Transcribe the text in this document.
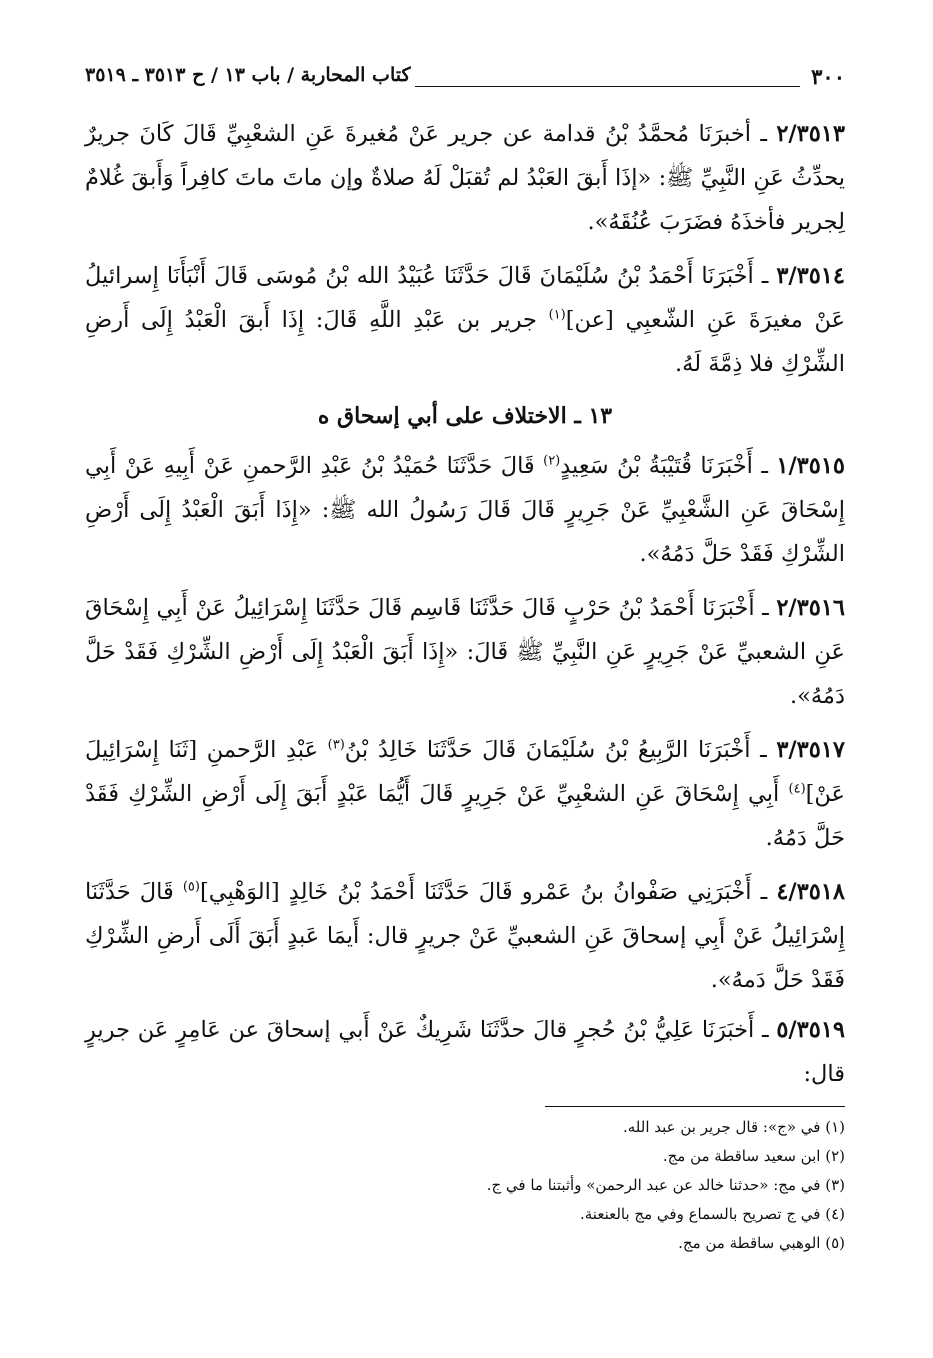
٣٠٠
كتاب المحاربة / باب ١٣ / ح ٣٥١٣ ـ ٣٥١٩

٢/٣٥١٣ ـ أخبرَنَا مُحمَّدُ بْنُ قدامة عن جرير عَنْ مُغيرةَ عَنِ الشعْبِيِّ قَالَ كَانَ جريرٌ يحدِّثُ عَنِ النَّبِيِّ ﷺ: «إذَا أَبقَ العَبْدُ لم تُقبَلْ لَهُ صلاةٌ وإن ماتَ ماتَ كافِراً وَأَبقَ غُلامٌ لِجرير فأخذَهُ فضَرَبَ عُنُقَهُ».

٣/٣٥١٤ ـ أَخْبَرَنَا أَحْمَدُ بْنُ سُلَيْمَانَ قَالَ حَدَّثَنَا عُبَيْدُ الله بْنُ مُوسَى قَالَ أَنْبَأَنَا إِسرائيلُ عَنْ مغيرَةَ عَنِ الشّعبِي [عن]$^{(١)}$ جرير بن عَبْدِ اللَّهِ قَالَ: إِذَا أَبقَ الْعَبْدُ إِلَى أَرضِ الشِّرْكِ فلا ذِمَّةَ لَهُ.

١٣ ـ الاختلاف على أبي إسحاق ه

١/٣٥١٥ ـ أَخْبَرَنَا قُتَيْبَةُ بْنُ سَعِيدٍ$^{(٢)}$ قَالَ حَدَّثَنَا حُمَيْدُ بْنُ عَبْدِ الرَّحمنِ عَنْ أَبِيهِ عَنْ أَبِي إِسْحَاقَ عَنِ الشَّعْبِيِّ عَنْ جَرِيرٍ قَالَ قَالَ رَسُولُ الله ﷺ: «إِذَا أَبَقَ الْعَبْدُ إِلَى أَرْضِ الشِّرْكِ فَقَدْ حَلَّ دَمُهُ».

٢/٣٥١٦ ـ أَخْبَرَنَا أَحْمَدُ بْنُ حَرْبٍ قَالَ حَدَّثَنَا قَاسِم قَالَ حَدَّثَنَا إِسْرَائِيلُ عَنْ أَبِي إِسْحَاقَ عَنِ الشعبيِّ عَنْ جَرِيرٍ عَنِ النَّبِيِّ ﷺ قَالَ: «إِذَا أَبَقَ الْعَبْدُ إِلَى أَرْضِ الشِّرْكِ فَقَدْ حَلَّ دَمُهُ».

٣/٣٥١٧ ـ أَخْبَرَنَا الرَّبِيعُ بْنُ سُلَيْمَانَ قَالَ حَدَّثَنَا خَالِدُ بْنُ$^{(٣)}$ عَبْدِ الرَّحمنِ [ثَنَا إِسْرَائِيلَ عَنْ]$^{(٤)}$ أَبِي إِسْحَاقَ عَنِ الشعْبِيِّ عَنْ جَرِيرٍ قَالَ أَيُّمَا عَبْدٍ أَبَقَ إِلَى أَرْضِ الشِّرْكِ فَقَدْ حَلَّ دَمُهُ.

٤/٣٥١٨ ـ أَخْبَرَنِي صَفْوانُ بنُ عَمْرو قَالَ حَدَّثَنَا أَحْمَدُ بْنُ خَالِدٍ [الوَهْبِي]$^{(٥)}$ قَالَ حَدَّثَنَا إِسْرَائِيلُ عَنْ أَبِي إسحاقَ عَنِ الشعبيِّ عَنْ جريرٍ قال: أَيمَا عَبدٍ أَبَقَ أَلَى أَرضِ الشِّرْكِ فَقَدْ حَلَّ دَمهُ».

٥/٣٥١٩ ـ أَخبَرَنَا عَلِيُّ بْنُ حُجرٍ قالَ حدَّثَنَا شَرِيكٌ عَنْ أَبي إسحاقَ عن عَامِرٍ عَن جريرٍ قال:

(١) في «ج»: قال جرير بن عبد الله.
(٢) ابن سعيد ساقطة من مج.
(٣) في مج: «حدثنا خالد عن عبد الرحمن» وأثبتنا ما في ج.
(٤) في ج تصريح بالسماع وفي مج بالعنعنة.
(٥) الوهبي ساقطة من مج.
